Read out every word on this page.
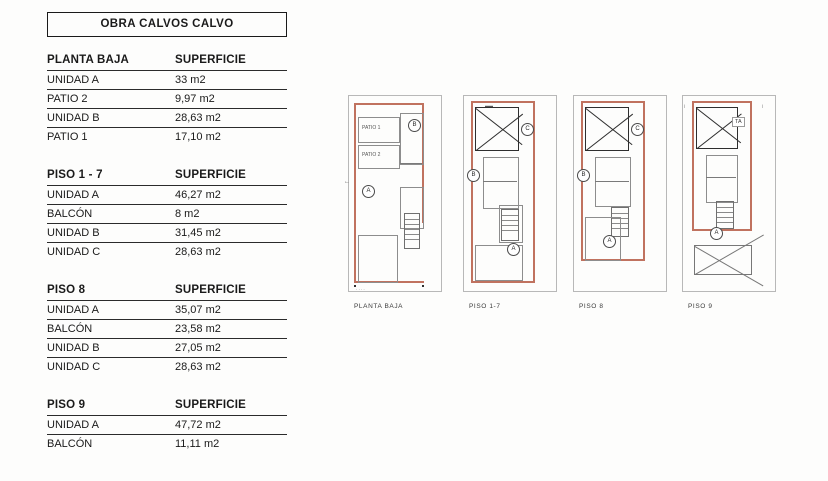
OBRA CALVOS CALVO
PLANTA BAJA	SUPERFICIE
UNIDAD A	33 m2
PATIO 2	9,97 m2
UNIDAD B	28,63 m2
PATIO 1	17,10 m2
PISO 1 - 7	SUPERFICIE
UNIDAD A	46,27 m2
BALCÓN	8 m2
UNIDAD B	31,45 m2
UNIDAD C	28,63 m2
PISO 8	SUPERFICIE
UNIDAD A	35,07 m2
BALCÓN	23,58 m2
UNIDAD B	27,05 m2
UNIDAD C	28,63 m2
PISO 9	SUPERFICIE
UNIDAD A	47,72 m2
BALCÓN	11,11 m2
PATIO 1
PATIO 2
B
A
←
· · · ·
PLANTA BAJA
▬▬
C
B
A
PISO 1-7
C
B
A
PISO 8
TA
A
|	|
PISO 9
